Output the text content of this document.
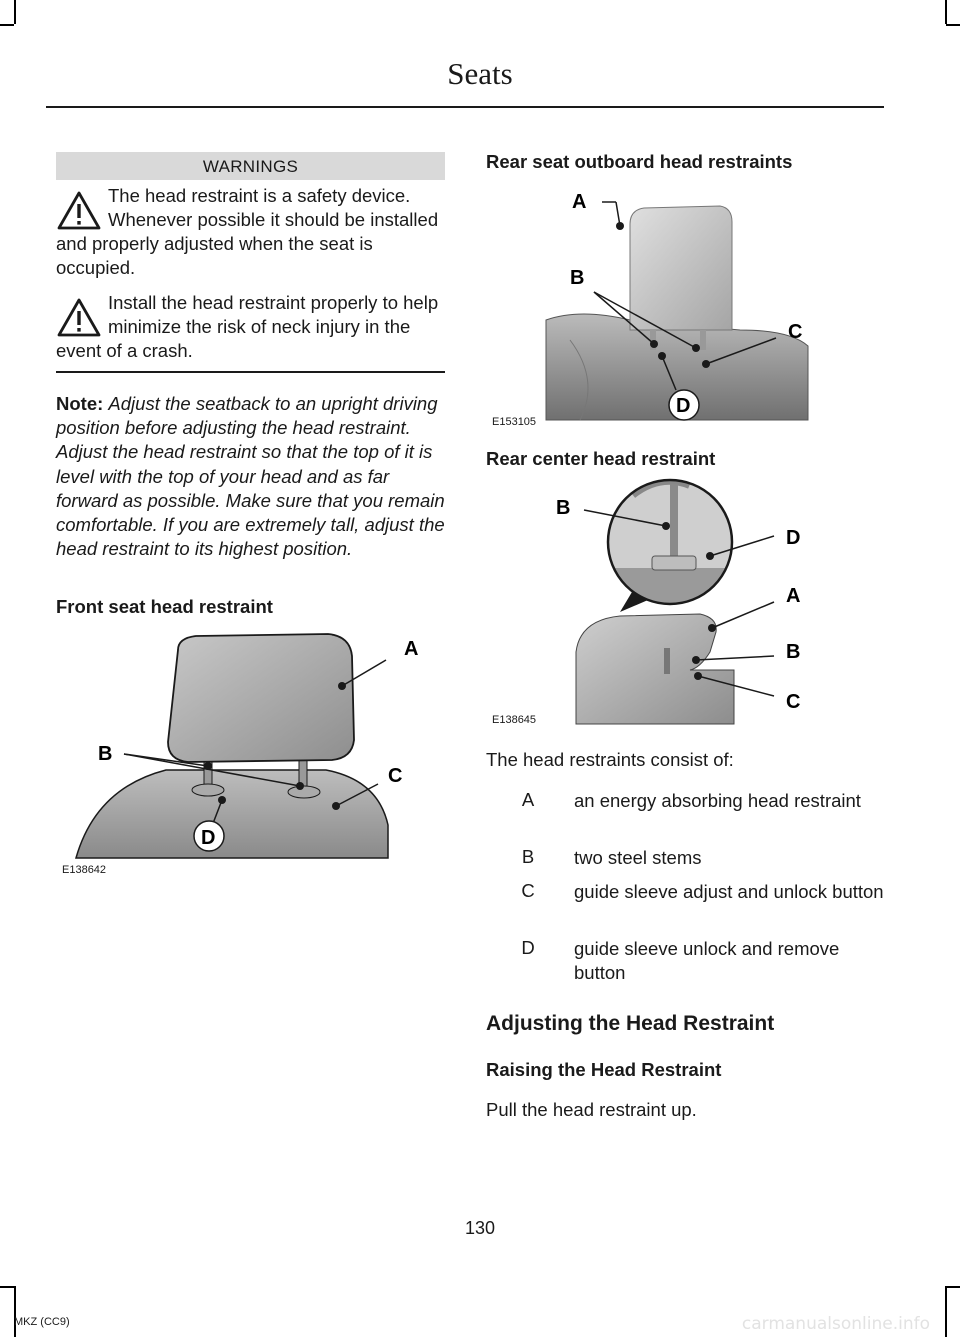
Seats
WARNINGS
The head restraint is a safety device. Whenever possible it should be installed and properly adjusted when the seat is occupied.
Install the head restraint properly to help minimize the risk of neck injury in the event of a crash.
Note: Adjust the seatback to an upright driving position before adjusting the head restraint. Adjust the head restraint so that the top of it is level with the top of your head and as far forward as possible. Make sure that you remain comfortable. If you are extremely tall, adjust the head restraint to its highest position.
Front seat head restraint
A
B
C
D
E138642
Rear seat outboard head restraints
A
B
C
D
E153105
Rear center head restraint
B
D
A
B
C
E138645
The head restraints consist of:
A	an energy absorbing head restraint
B	two steel stems
C	guide sleeve adjust and unlock button
D	guide sleeve unlock and remove button
Adjusting the Head Restraint
Raising the Head Restraint
Pull the head restraint up.
130
MKZ (CC9)	carmanualsonline.info
